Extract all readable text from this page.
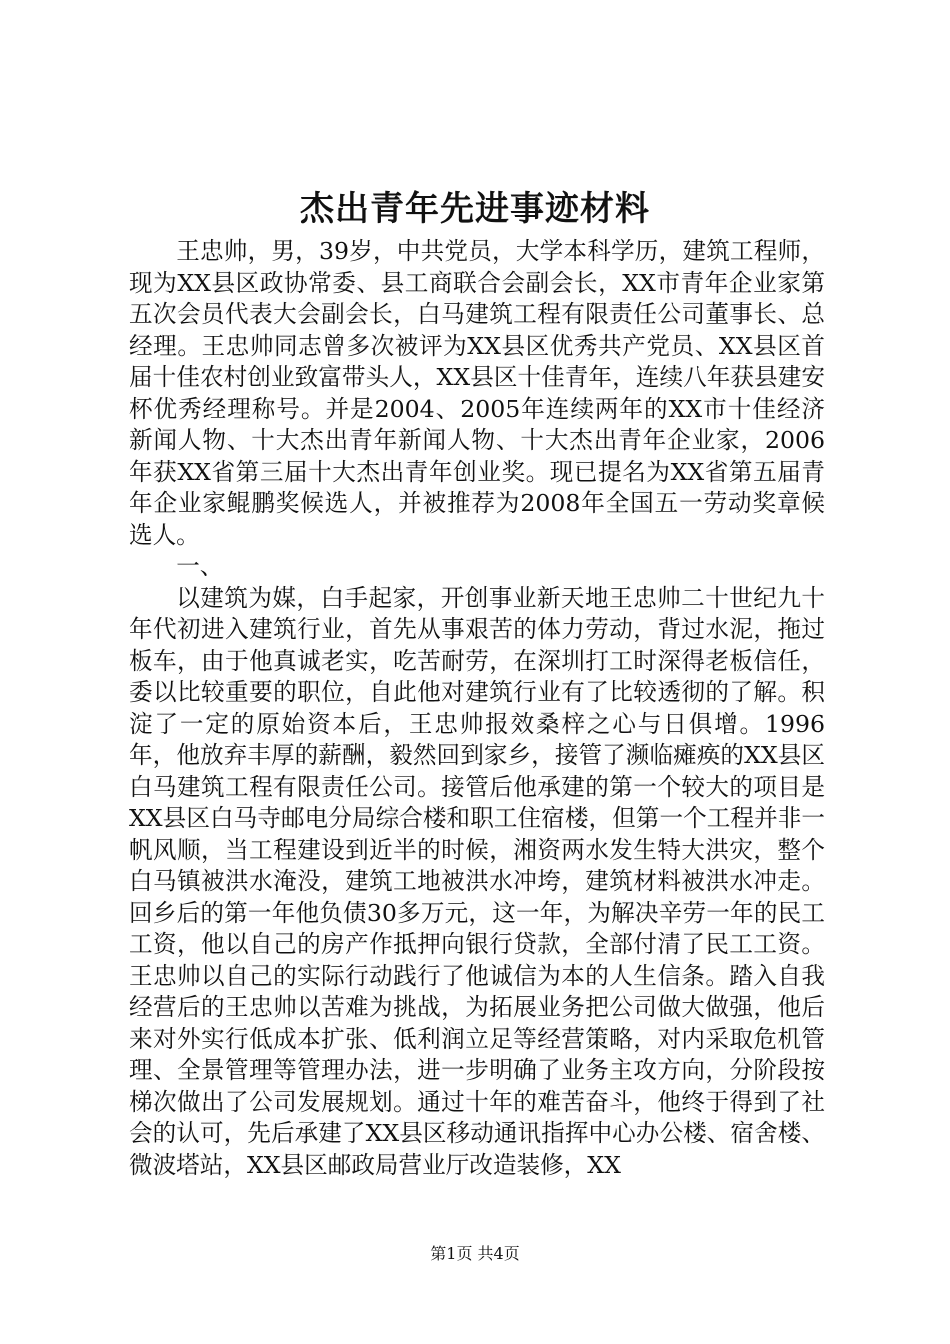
杰出青年先进事迹材料

王忠帅，男，39岁，中共党员，大学本科学历，建筑工程师，现为XX县区政协常委、县工商联合会副会长，XX市青年企业家第五次会员代表大会副会长，白马建筑工程有限责任公司董事长、总经理。王忠帅同志曾多次被评为XX县区优秀共产党员、XX县区首届十佳农村创业致富带头人，XX县区十佳青年，连续八年获县建安杯优秀经理称号。并是2004、2005年连续两年的XX市十佳经济新闻人物、十大杰出青年新闻人物、十大杰出青年企业家，2006年获XX省第三届十大杰出青年创业奖。现已提名为XX省第五届青年企业家鲲鹏奖候选人，并被推荐为2008年全国五一劳动奖章候选人。

一、

以建筑为媒，白手起家，开创事业新天地王忠帅二十世纪九十年代初进入建筑行业，首先从事艰苦的体力劳动，背过水泥，拖过板车，由于他真诚老实，吃苦耐劳，在深圳打工时深得老板信任，委以比较重要的职位，自此他对建筑行业有了比较透彻的了解。积淀了一定的原始资本后，王忠帅报效桑梓之心与日俱增。1996年，他放弃丰厚的薪酬，毅然回到家乡，接管了濒临瘫痪的XX县区白马建筑工程有限责任公司。接管后他承建的第一个较大的项目是XX县区白马寺邮电分局综合楼和职工住宿楼，但第一个工程并非一帆风顺，当工程建设到近半的时候，湘资两水发生特大洪灾，整个白马镇被洪水淹没，建筑工地被洪水冲垮，建筑材料被洪水冲走。回乡后的第一年他负债30多万元，这一年，为解决辛劳一年的民工工资，他以自己的房产作抵押向银行贷款，全部付清了民工工资。王忠帅以自己的实际行动践行了他诚信为本的人生信条。踏入自我经营后的王忠帅以苦难为挑战，为拓展业务把公司做大做强，他后来对外实行低成本扩张、低利润立足等经营策略，对内采取危机管理、全景管理等管理办法，进一步明确了业务主攻方向，分阶段按梯次做出了公司发展规划。通过十年的难苦奋斗，他终于得到了社会的认可，先后承建了XX县区移动通讯指挥中心办公楼、宿舍楼、微波塔站，XX县区邮政局营业厅改造装修，XX

第1页 共4页
